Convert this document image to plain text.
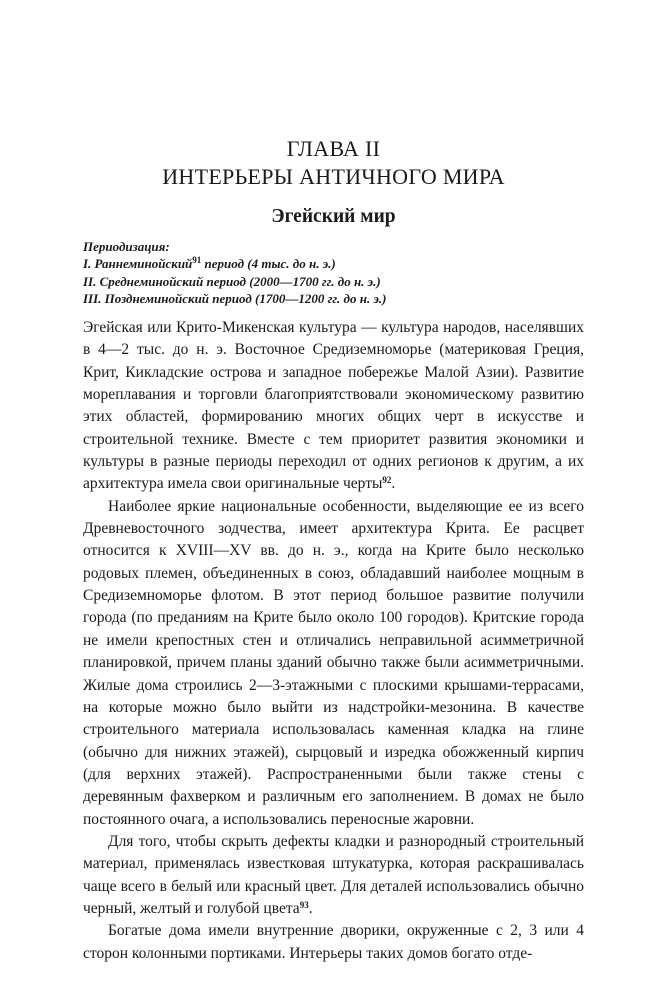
ГЛАВА II
ИНТЕРЬЕРЫ АНТИЧНОГО МИРА
Эгейский мир
Периодизация:
I. Раннеминойский$^{91}$ период (4 тыс. до н. э.)
II. Среднеминойский период (2000—1700 гг. до н. э.)
III. Позднеминойский период (1700—1200 гг. до н. э.)

Эгейская или Крито-Микенская культура — культура народов, населявших в 4—2 тыс. до н. э. Восточное Средиземноморье (материковая Греция, Крит, Кикладские острова и западное побережье Малой Азии). Развитие мореплавания и торговли благоприятствовали экономическому развитию этих областей, формированию многих общих черт в искусстве и строительной технике. Вместе с тем приоритет развития экономики и культуры в разные периоды переходил от одних регионов к другим, а их архитектура имела свои оригинальные черты$^{92}$.

Наиболее яркие национальные особенности, выделяющие ее из всего Древневосточного зодчества, имеет архитектура Крита. Ее расцвет относится к XVIII—XV вв. до н. э., когда на Крите было несколько родовых племен, объединенных в союз, обладавший наиболее мощным в Средиземноморье флотом. В этот период большое развитие получили города (по преданиям на Крите было около 100 городов). Критские города не имели крепостных стен и отличались неправильной асимметричной планировкой, причем планы зданий обычно также были асимметричными. Жилые дома строились 2—3-этажными с плоскими крышами-террасами, на которые можно было выйти из надстройки-мезонина. В качестве строительного материала использовалась каменная кладка на глине (обычно для нижних этажей), сырцовый и изредка обожженный кирпич (для верхних этажей). Распространенными были также стены с деревянным фахверком и различным его заполнением. В домах не было постоянного очага, а использовались переносные жаровни.

Для того, чтобы скрыть дефекты кладки и разнородный строительный материал, применялась известковая штукатурка, которая раскрашивалась чаще всего в белый или красный цвет. Для деталей использовались обычно черный, желтый и голубой цвета$^{93}$.

Богатые дома имели внутренние дворики, окруженные с 2, 3 или 4 сторон колонными портиками. Интерьеры таких домов богато отде-
